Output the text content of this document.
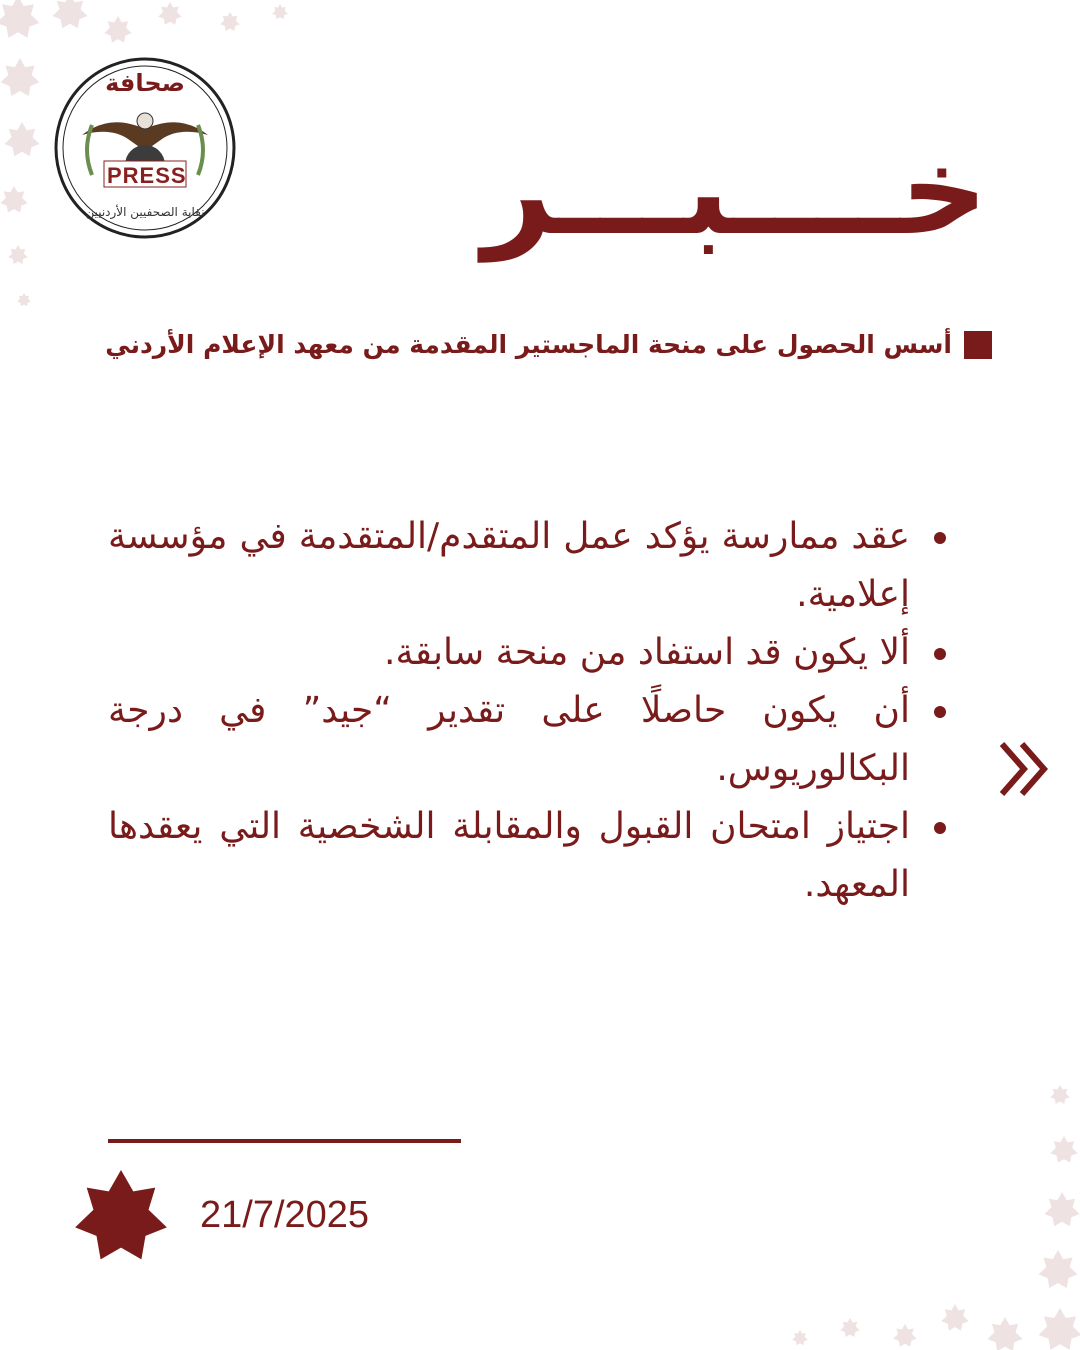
صحافة
PRESS
نقابة الصحفيين الأردنيين خــــبـــر
أسس الحصول على منحة الماجستير المقدمة من معهد الإعلام الأردني
عقد ممارسة يؤكد عمل المتقدم/المتقدمة في مؤسسة إعلامية.
ألا يكون قد استفاد من منحة سابقة.
أن يكون حاصلًا على تقدير “جيد” في درجة البكالوريوس.
اجتياز امتحان القبول والمقابلة الشخصية التي يعقدها المعهد.
21/7/2025
